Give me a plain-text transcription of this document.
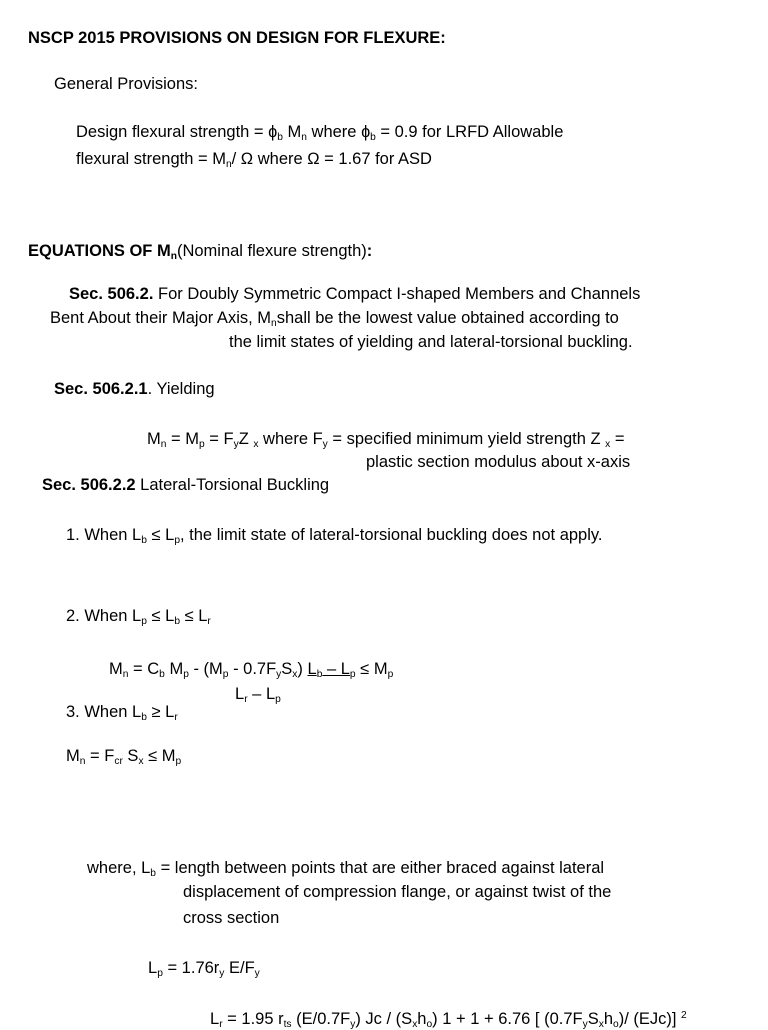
NSCP 2015 PROVISIONS ON DESIGN FOR FLEXURE:
General Provisions:
Design flexural strength = ɸ$_b$ $M_n$ where ɸ$_b$ = 0.9 for LRFD Allowable
flexural strength = $M_n/$ Ω where Ω = 1.67 for ASD
EQUATIONS OF $M_n(Nominal$ flexure strength):
Sec. 506.2. For Doubly Symmetric Compact I-shaped Members and Channels
Bent About their Major Axis, $M_nshall$ be the lowest value obtained according to
the limit states of yielding and lateral-torsional buckling.
Sec. 506.2.1. Yielding
$M_n = M_p = F_yZ$ $_x$ where $F_y$ = specified minimum yield strength Z $_x$ =
plastic section modulus about x-axis
Sec. 506.2.2 Lateral-Torsional Buckling
1. When $L_b \le L_p$, the limit state of lateral-torsional buckling does not apply.
2. When $L_p \le L_b \le L_r$
$M_n = C_b$ $M_p - (M_p - 0.7F_yS_x)$ $L_b - L_p \le M_p$
$L_r - L_p$
3. When $L_b \ge L_r$
$M_n = F_{cr}$ $S_x \le M_p$
where, $L_b$ = length between points that are either braced against lateral
displacement of compression flange, or against twist of the
cross section
$L_p = 1.76r_y$ $E/F_y$
$L_r = 1.95$ $r_{ts}$ $(E/0.7F_y)$ $Jc / (S_xh_o) 1 + 1 + 6.76$ [ $(0.7F_yS_xh_o)/$ (EJc)] $^2$
